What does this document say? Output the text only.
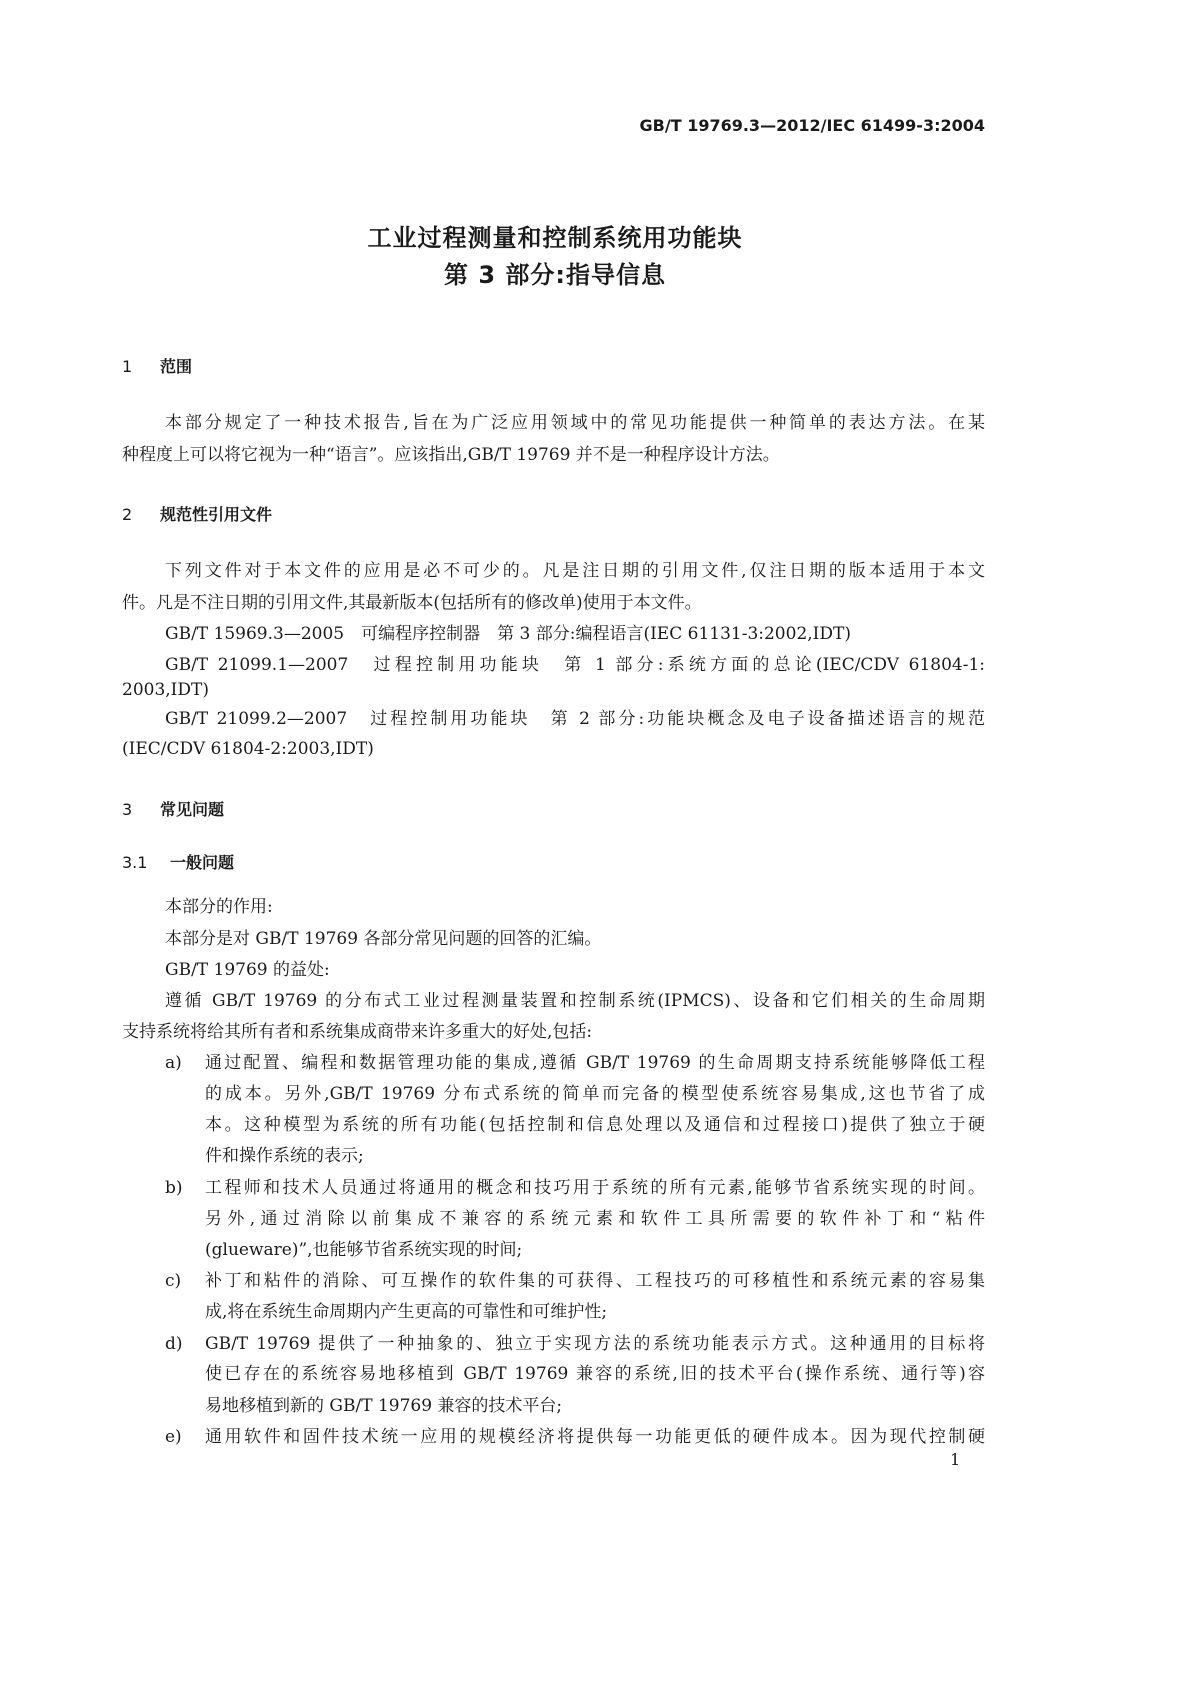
GB/T 19769.3—2012/IEC 61499-3:2004
工业过程测量和控制系统用功能块
第 3 部分:指导信息
1 范围
本部分规定了一种技术报告,旨在为广泛应用领域中的常见功能提供一种简单的表达方法。在某
种程度上可以将它视为一种“语言”。应该指出,GB/T 19769 并不是一种程序设计方法。
2 规范性引用文件
下列文件对于本文件的应用是必不可少的。凡是注日期的引用文件,仅注日期的版本适用于本文
件。凡是不注日期的引用文件,其最新版本(包括所有的修改单)使用于本文件。
GB/T 15969.3—2005　可编程序控制器　第 3 部分:编程语言(IEC 61131-3:2002,IDT)
GB/T 21099.1—2007　过程控制用功能块　第 1 部分:系统方面的总论(IEC/CDV 61804-1:
2003,IDT)
GB/T 21099.2—2007　过程控制用功能块　第 2 部分:功能块概念及电子设备描述语言的规范
(IEC/CDV 61804-2:2003,IDT)
3 常见问题
3.1 一般问题
本部分的作用:
本部分是对 GB/T 19769 各部分常见问题的回答的汇编。
GB/T 19769 的益处:
遵循 GB/T 19769 的分布式工业过程测量装置和控制系统(IPMCS)、设备和它们相关的生命周期
支持系统将给其所有者和系统集成商带来许多重大的好处,包括:
a) 通过配置、编程和数据管理功能的集成,遵循 GB/T 19769 的生命周期支持系统能够降低工程
的成本。另外,GB/T 19769 分布式系统的简单而完备的模型使系统容易集成,这也节省了成
本。这种模型为系统的所有功能(包括控制和信息处理以及通信和过程接口)提供了独立于硬
件和操作系统的表示;
b) 工程师和技术人员通过将通用的概念和技巧用于系统的所有元素,能够节省系统实现的时间。
另外,通过消除以前集成不兼容的系统元素和软件工具所需要的软件补丁和“粘件
(glueware)”,也能够节省系统实现的时间;
c) 补丁和粘件的消除、可互操作的软件集的可获得、工程技巧的可移植性和系统元素的容易集
成,将在系统生命周期内产生更高的可靠性和可维护性;
d) GB/T 19769 提供了一种抽象的、独立于实现方法的系统功能表示方式。这种通用的目标将
使已存在的系统容易地移植到 GB/T 19769 兼容的系统,旧的技术平台(操作系统、通行等)容
易地移植到新的 GB/T 19769 兼容的技术平台;
e) 通用软件和固件技术统一应用的规模经济将提供每一功能更低的硬件成本。因为现代控制硬
1
